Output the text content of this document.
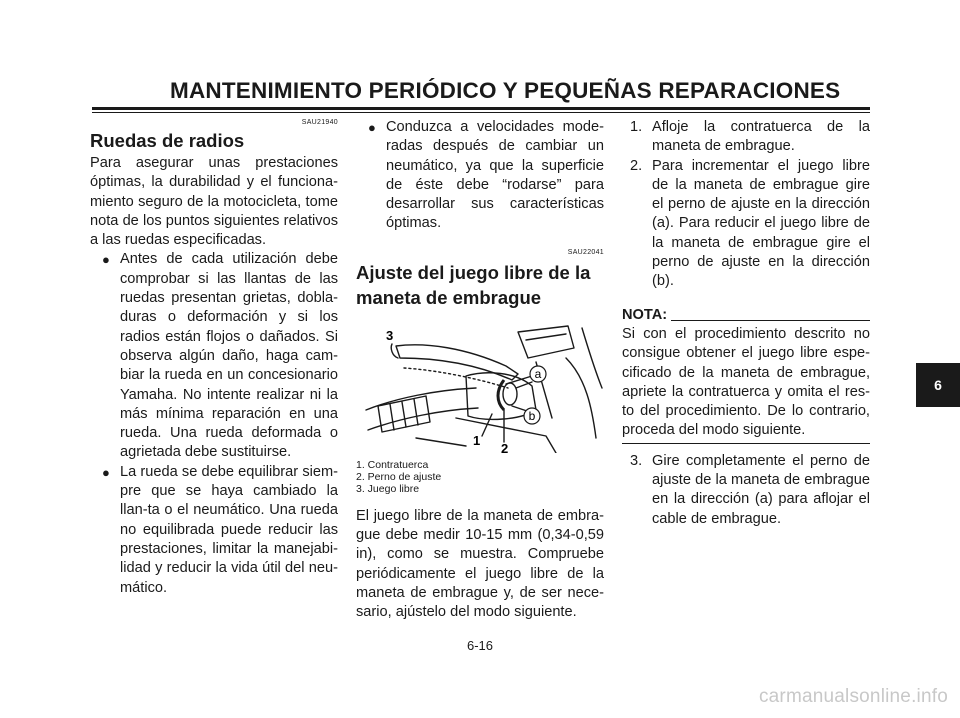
MANTENIMIENTO PERIÓDICO Y PEQUEÑAS REPARACIONES
SAU21940
Ruedas de radios

Para asegurar unas prestaciones óptimas, la durabilidad y el funciona-miento seguro de la motocicleta, tome nota de los puntos siguientes relativos a las ruedas especificadas.

● Antes de cada utilización debe comprobar si las llantas de las ruedas presentan grietas, dobla-duras o deformación y si los radios están flojos o dañados. Si observa algún daño, haga cam-biar la rueda en un concesionario Yamaha. No intente realizar ni la más mínima reparación en una rueda. Una rueda deformada o agrietada debe sustituirse.
● La rueda se debe equilibrar siem-pre que se haya cambiado la llan-ta o el neumático. Una rueda no equilibrada puede reducir las prestaciones, limitar la manejabi-lidad y reducir la vida útil del neu-mático.
● Conduzca a velocidades mode-radas después de cambiar un neumático, ya que la superficie de éste debe “rodarse” para desarrollar sus características óptimas.
SAU22041
Ajuste del juego libre de la maneta de embrague
a
b
3
1
2
1. Contratuerca
2. Perno de ajuste
3. Juego libre

El juego libre de la maneta de embra-gue debe medir 10-15 mm (0,34-0,59 in), como se muestra. Compruebe periódicamente el juego libre de la maneta de embrague y, de ser nece-sario, ajústelo del modo siguiente.

1. Afloje la contratuerca de la maneta de embrague.
2. Para incrementar el juego libre de la maneta de embrague gire el perno de ajuste en la dirección (a). Para reducir el juego libre de la maneta de embrague gire el perno de ajuste en la dirección (b).
NOTA:

Si con el procedimiento descrito no consigue obtener el juego libre espe-cificado de la maneta de embrague, apriete la contratuerca y omita el res-to del procedimiento. De lo contrario, proceda del modo siguiente.

3. Gire completamente el perno de ajuste de la maneta de embrague en la dirección (a) para aflojar el cable de embrague.
6-16
6
carmanualsonline.info
